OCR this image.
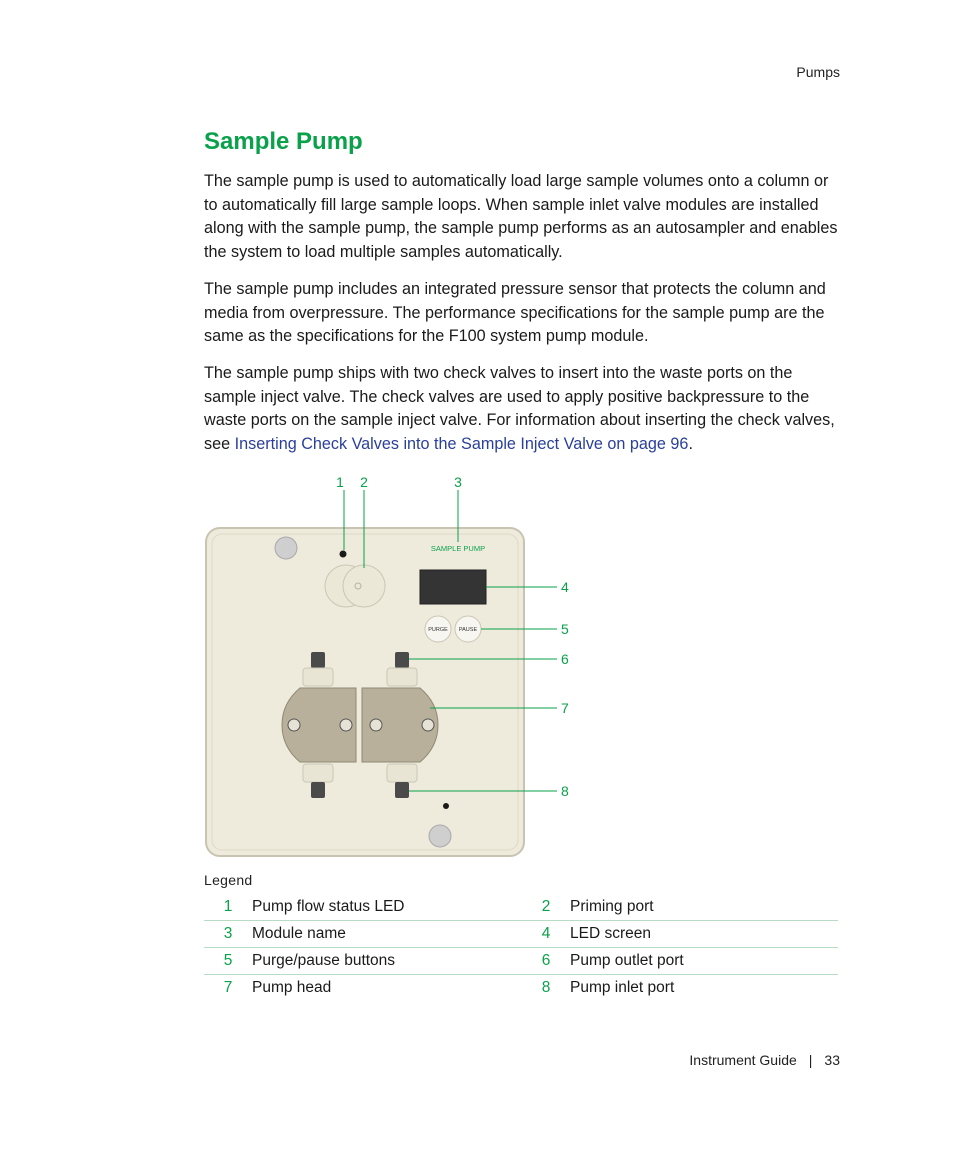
Pumps
Sample Pump

The sample pump is used to automatically load large sample volumes onto a column or to automatically fill large sample loops. When sample inlet valve modules are installed along with the sample pump, the sample pump performs as an autosampler and enables the system to load multiple samples automatically.

The sample pump includes an integrated pressure sensor that protects the column and media from overpressure. The performance specifications for the sample pump are the same as the specifications for the F100 system pump module.

The sample pump ships with two check valves to insert into the waste ports on the sample inject valve. The check valves are used to apply positive backpressure to the waste ports on the sample inject valve. For information about inserting the check valves, see Inserting Check Valves into the Sample Inject Valve on page 96.

SAMPLE PUMP
PURGE PAUSE
1 2	3
4
5
6
7
8
Legend
1	Pump flow status LED	2	Priming port
3	Module name	4	LED screen
5	Purge/pause buttons	6	Pump outlet port
7	Pump head	8	Pump inlet port
Instrument Guide | 33
